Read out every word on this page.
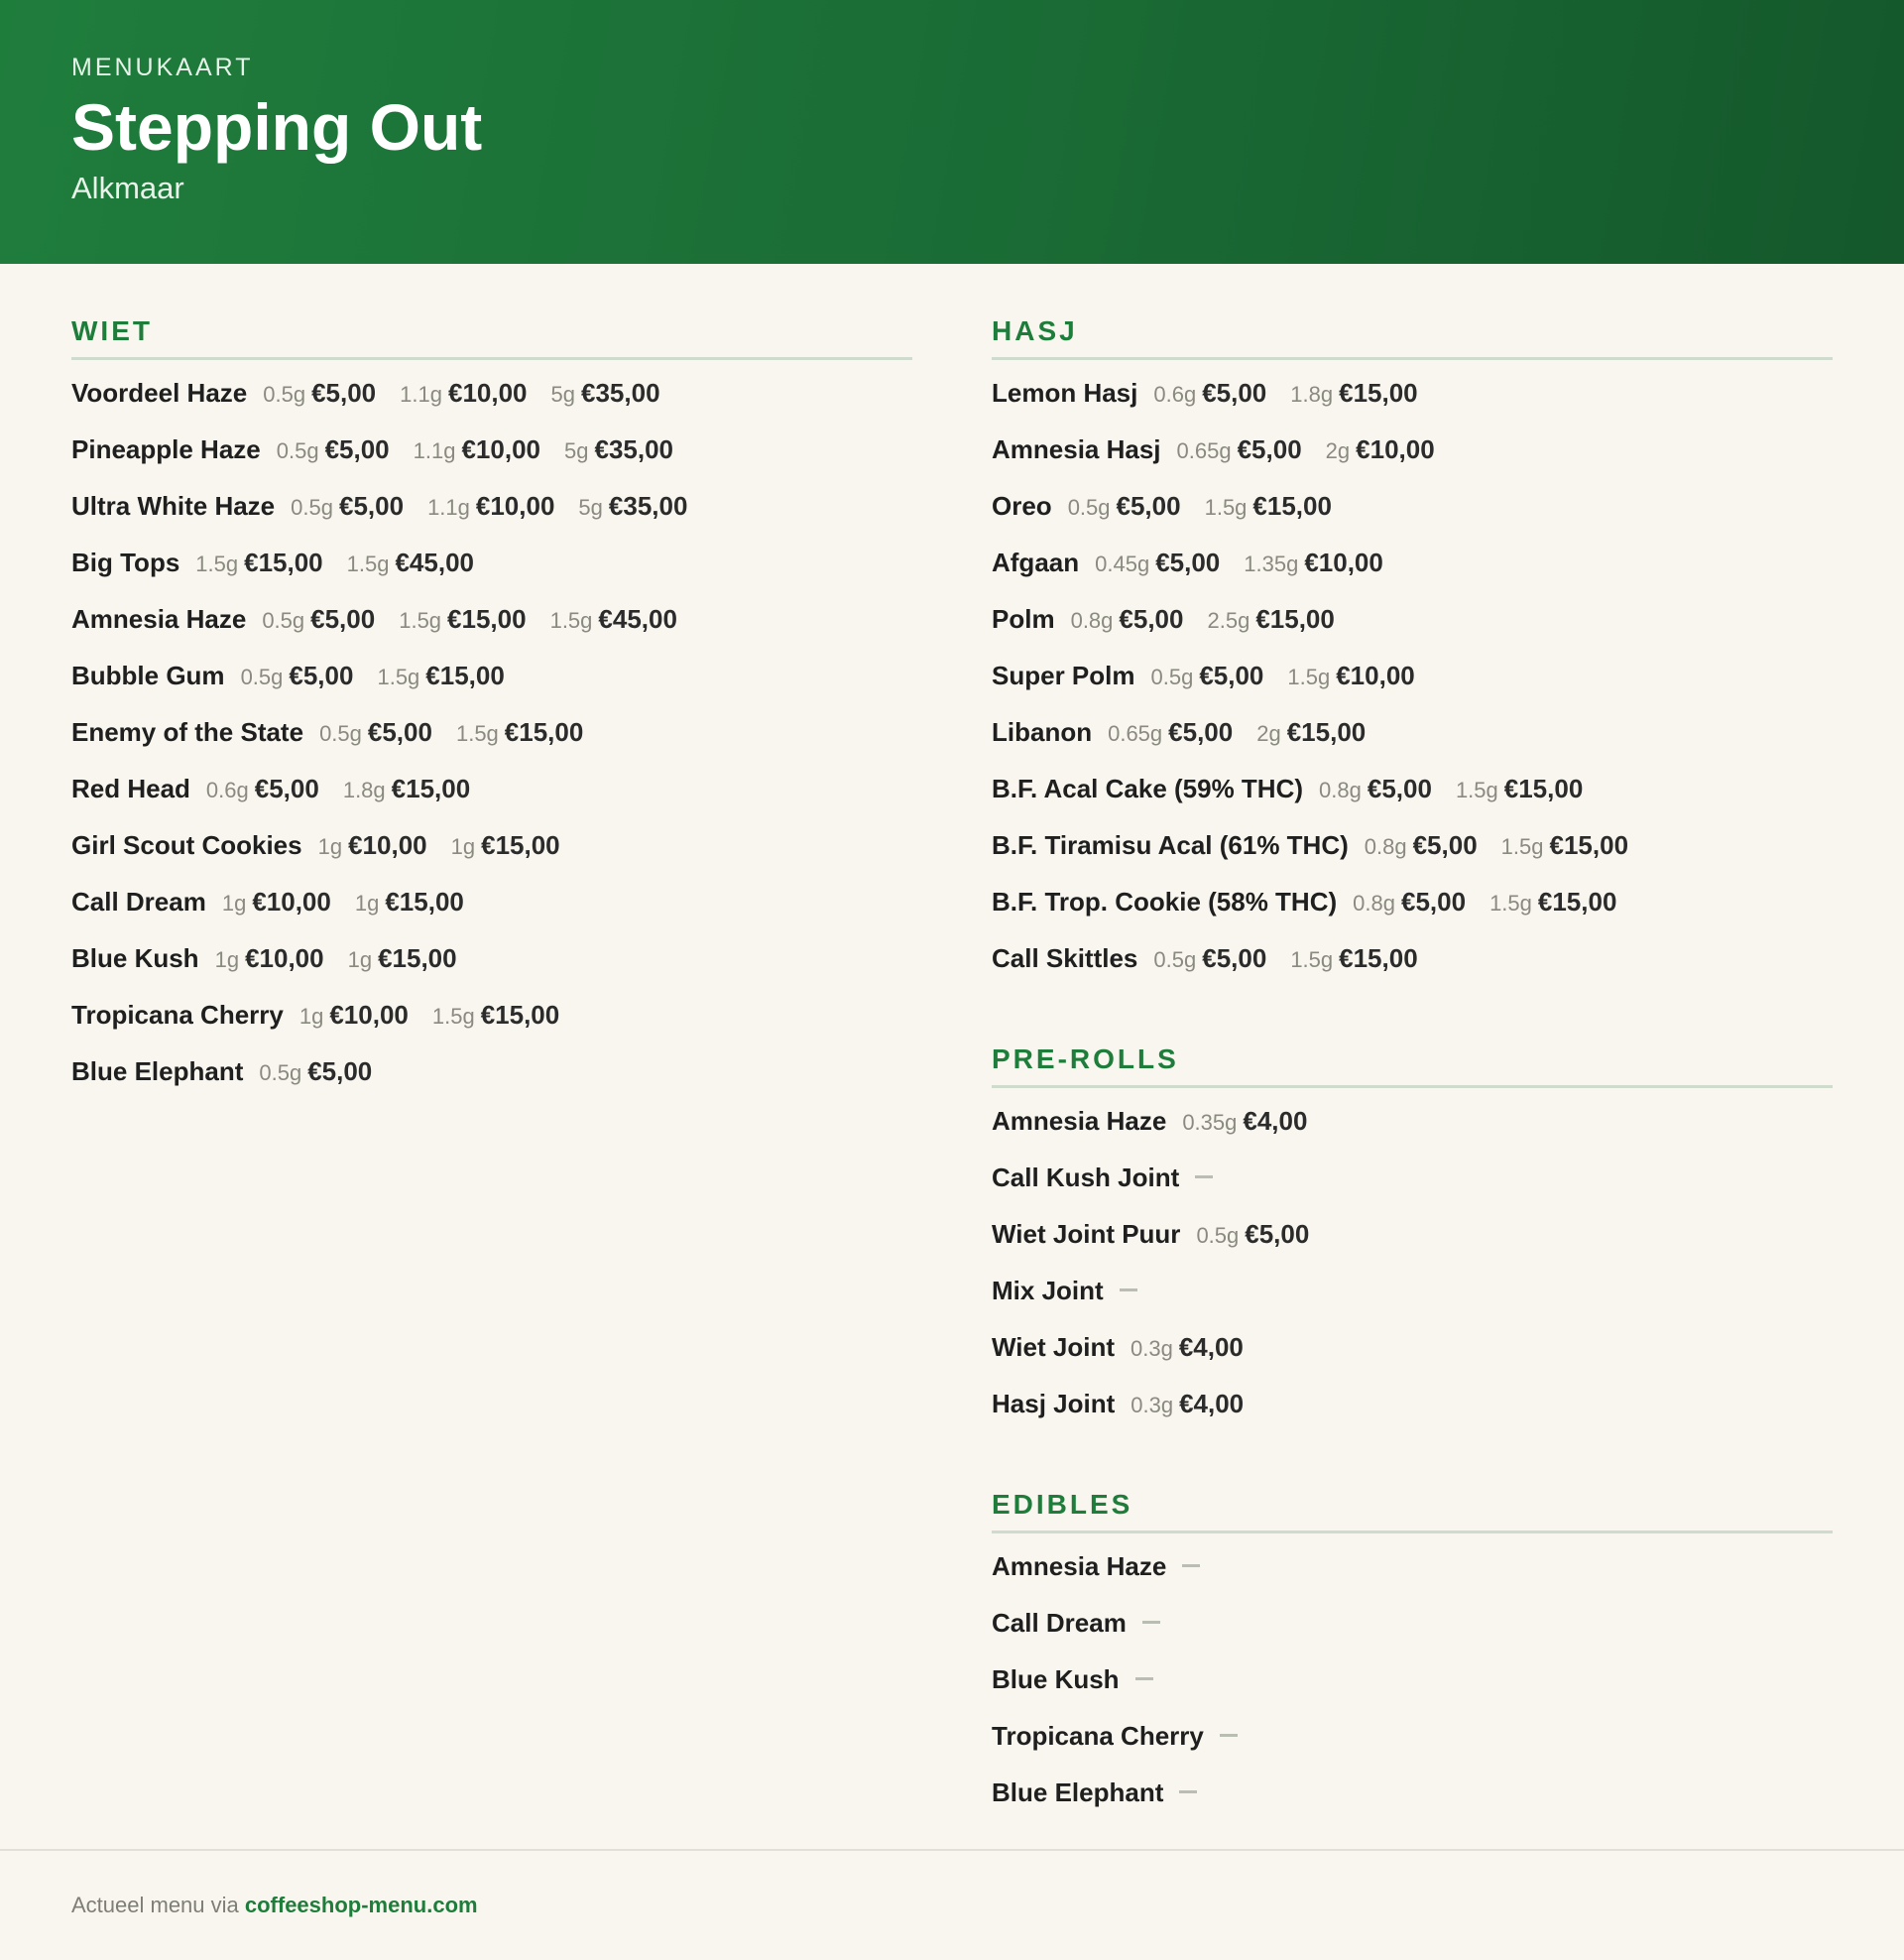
MENUKAART
Stepping Out
Alkmaar
WIET
Voordeel Haze 0.5g €5,00 1.1g €10,00 5g €35,00
Pineapple Haze 0.5g €5,00 1.1g €10,00 5g €35,00
Ultra White Haze 0.5g €5,00 1.1g €10,00 5g €35,00
Big Tops 1.5g €15,00 1.5g €45,00
Amnesia Haze 0.5g €5,00 1.5g €15,00 1.5g €45,00
Bubble Gum 0.5g €5,00 1.5g €15,00
Enemy of the State 0.5g €5,00 1.5g €15,00
Red Head 0.6g €5,00 1.8g €15,00
Girl Scout Cookies 1g €10,00 1g €15,00
Call Dream 1g €10,00 1g €15,00
Blue Kush 1g €10,00 1g €15,00
Tropicana Cherry 1g €10,00 1.5g €15,00
Blue Elephant 0.5g €5,00
HASJ
Lemon Hasj 0.6g €5,00 1.8g €15,00
Amnesia Hasj 0.65g €5,00 2g €10,00
Oreo 0.5g €5,00 1.5g €15,00
Afgaan 0.45g €5,00 1.35g €10,00
Polm 0.8g €5,00 2.5g €15,00
Super Polm 0.5g €5,00 1.5g €10,00
Libanon 0.65g €5,00 2g €15,00
B.F. Acal Cake (59% THC) 0.8g €5,00 1.5g €15,00
B.F. Tiramisu Acal (61% THC) 0.8g €5,00 1.5g €15,00
B.F. Trop. Cookie (58% THC) 0.8g €5,00 1.5g €15,00
Call Skittles 0.5g €5,00 1.5g €15,00
PRE-ROLLS
Amnesia Haze 0.35g €4,00
Call Kush Joint
Wiet Joint Puur 0.5g €5,00
Mix Joint
Wiet Joint 0.3g €4,00
Hasj Joint 0.3g €4,00
EDIBLES
Amnesia Haze
Call Dream
Blue Kush
Tropicana Cherry
Blue Elephant
Actueel menu via coffeeshop-menu.com
